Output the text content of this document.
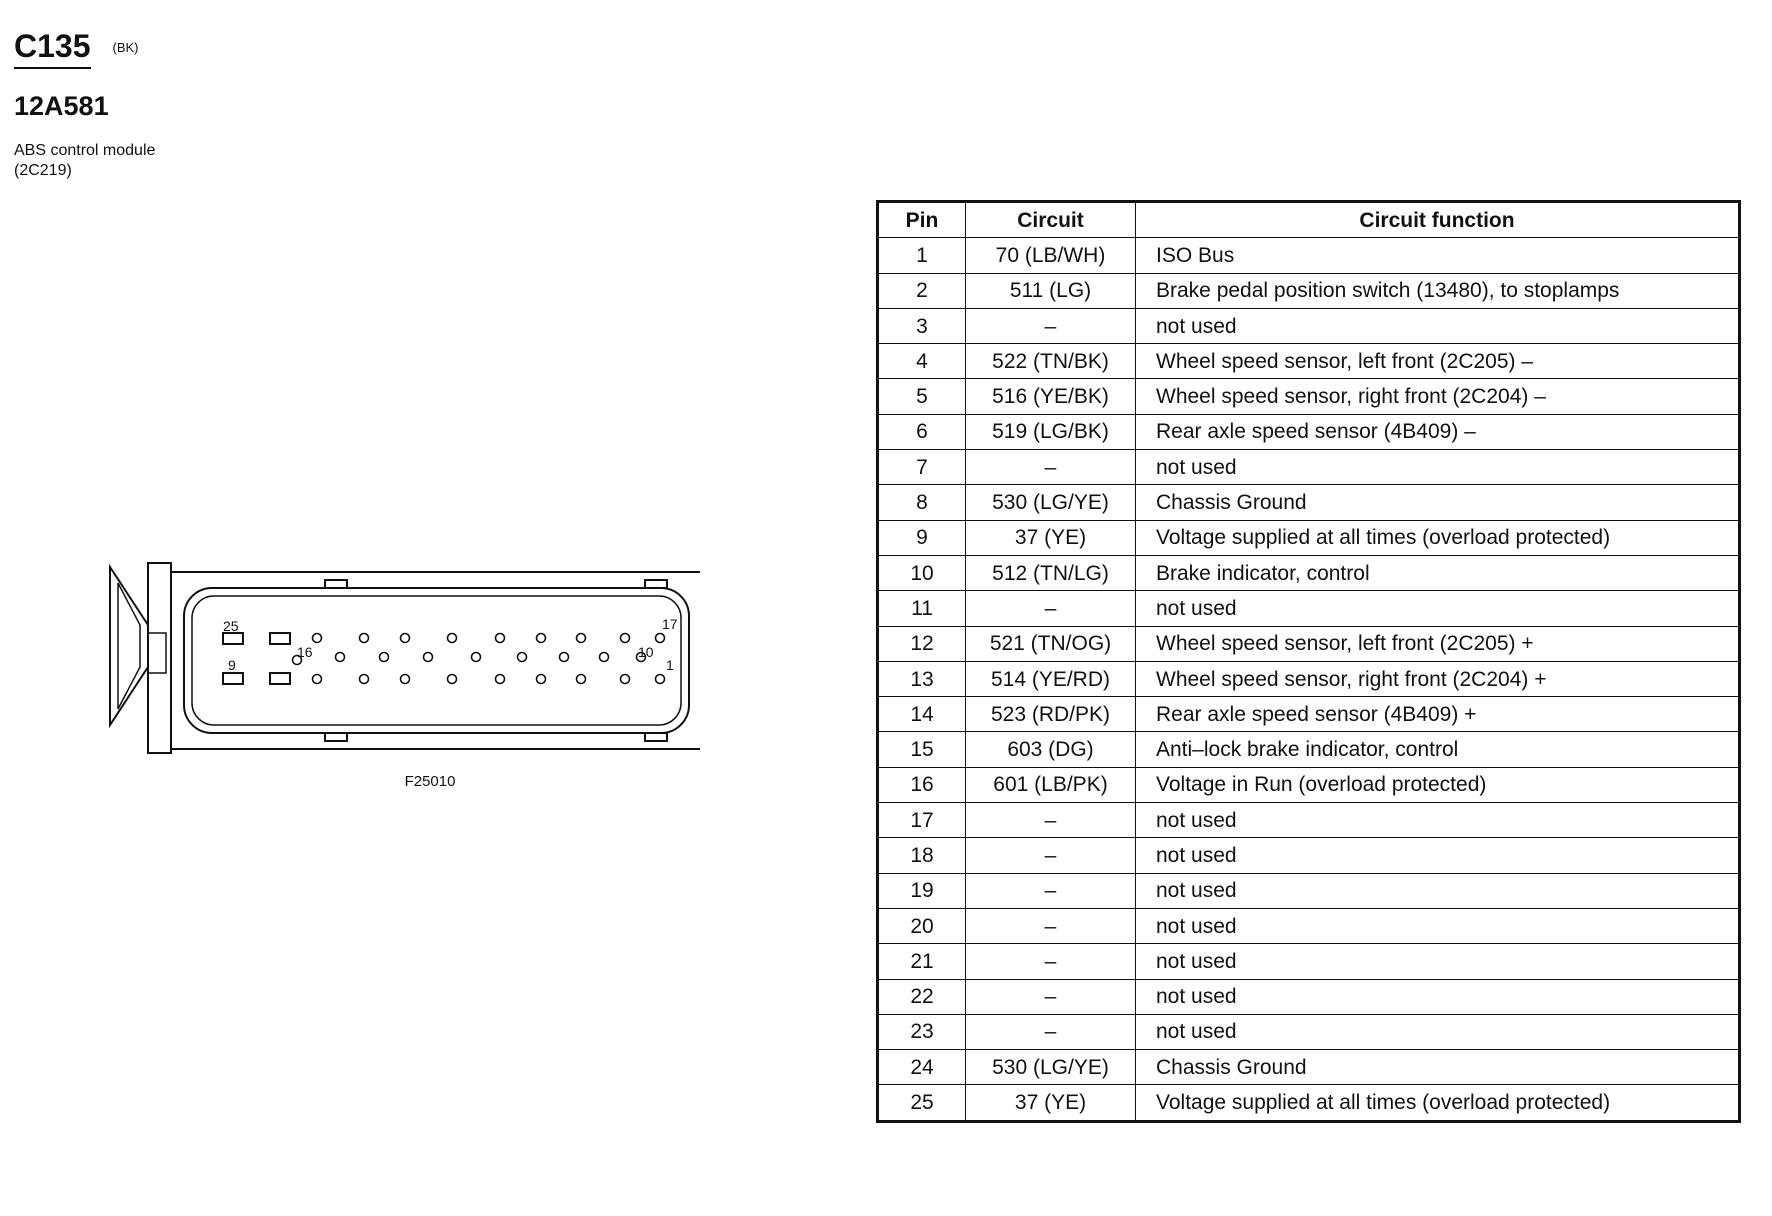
C135 (BK)
12A581
ABS control module
(2C219)
25
16	10
17
9	1
F25010
Pin	Circuit	Circuit function
1	70 (LB/WH)	ISO Bus
2	511 (LG)	Brake pedal position switch (13480), to stoplamps
3	–	not used
4	522 (TN/BK)	Wheel speed sensor, left front (2C205) –
5	516 (YE/BK)	Wheel speed sensor, right front (2C204) –
6	519 (LG/BK)	Rear axle speed sensor (4B409) –
7	–	not used
8	530 (LG/YE)	Chassis Ground
9	37 (YE)	Voltage supplied at all times (overload protected)
10	512 (TN/LG)	Brake indicator, control
11	–	not used
12	521 (TN/OG)	Wheel speed sensor, left front (2C205) +
13	514 (YE/RD)	Wheel speed sensor, right front (2C204) +
14	523 (RD/PK)	Rear axle speed sensor (4B409) +
15	603 (DG)	Anti–lock brake indicator, control
16	601 (LB/PK)	Voltage in Run (overload protected)
17	–	not used
18	–	not used
19	–	not used
20	–	not used
21	–	not used
22	–	not used
23	–	not used
24	530 (LG/YE)	Chassis Ground
25	37 (YE)	Voltage supplied at all times (overload protected)
